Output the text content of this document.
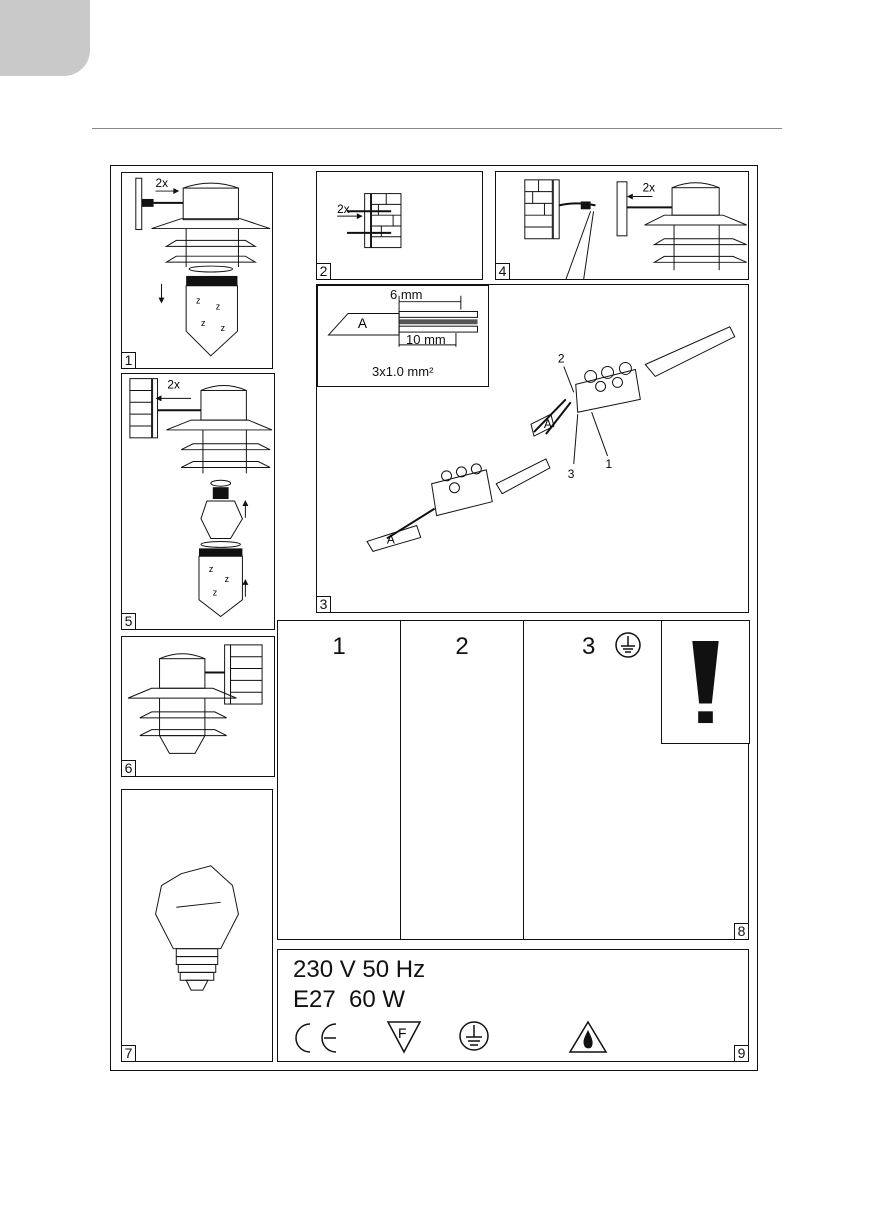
2x
z
z
z z
1
2x
2
2x
4
A
6 mm
10 mm
3x1.0 mm²
A
2
1
3
A
3
2x
z
z
z
5
6
7
1	2	3
8
230 V 50 Hz
E27  60 W
F
9
